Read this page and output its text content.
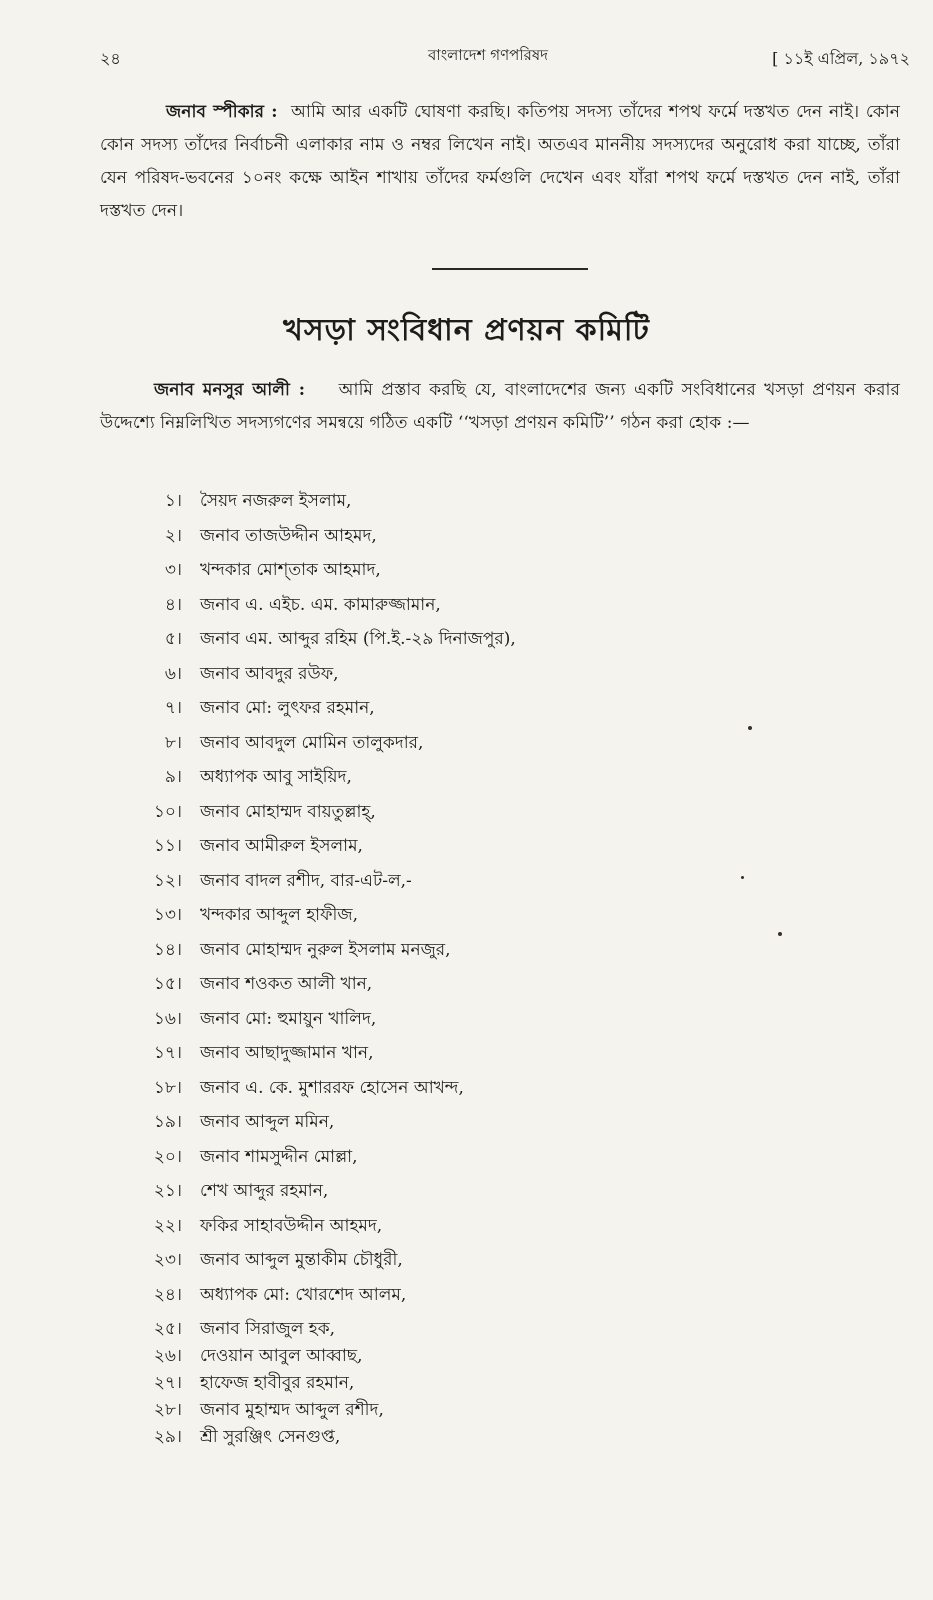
২৪	বাংলাদেশ গণপরিষদ	[ ১১ই এপ্রিল, ১৯৭২

জনাব স্পীকার : আমি আর একটি ঘোষণা করছি। কতিপয় সদস্য তাঁদের শপথ ফর্মে দস্তখত দেন নাই। কোন কোন সদস্য তাঁদের নির্বাচনী এলাকার নাম ও নম্বর লিখেন নাই। অতএব মাননীয় সদস্যদের অনুরোধ করা যাচ্ছে, তাঁরা যেন পরিষদ-ভবনের ১০নং কক্ষে আইন শাখায় তাঁদের ফর্মগুলি দেখেন এবং যাঁরা শপথ ফর্মে দস্তখত দেন নাই, তাঁরা দস্তখত দেন।

খসড়া সংবিধান প্রণয়ন কমিটি

জনাব মনসুর আলী : আমি প্রস্তাব করছি যে, বাংলাদেশের জন্য একটি সংবিধানের খসড়া প্রণয়ন করার উদ্দেশ্যে নিম্নলিখিত সদস্যগণের সমন্বয়ে গঠিত একটি ‘‘খসড়া প্রণয়ন কমিটি’’ গঠন করা হোক :—

১। সৈয়দ নজরুল ইসলাম,
২। জনাব তাজউদ্দীন আহমদ,
৩। খন্দকার মোশ্‌তাক আহমাদ,
৪। জনাব এ. এইচ. এম. কামারুজ্জামান,
৫। জনাব এম. আব্দুর রহিম (পি.ই.-২৯ দিনাজপুর),
৬। জনাব আবদুর রউফ,
৭। জনাব মো: লুৎফর রহমান,
৮। জনাব আবদুল মোমিন তালুকদার,
৯। অধ্যাপক আবু সাইয়িদ,
১০। জনাব মোহাম্মদ বায়তুল্লাহ্‌,
১১। জনাব আমীরুল ইসলাম,
১২। জনাব বাদল রশীদ, বার-এট-ল,-
১৩। খন্দকার আব্দুল হাফীজ,
১৪। জনাব মোহাম্মদ নুরুল ইসলাম মনজুর,
১৫। জনাব শওকত আলী খান,
১৬। জনাব মো: হুমায়ুন খালিদ,
১৭। জনাব আছাদুজ্জামান খান,
১৮। জনাব এ. কে. মুশাররফ হোসেন আখন্দ,
১৯। জনাব আব্দুল মমিন,
২০। জনাব শামসুদ্দীন মোল্লা,
২১। শেখ আব্দুর রহমান,
২২। ফকির সাহাবউদ্দীন আহমদ,
২৩। জনাব আব্দুল মুন্তাকীম চৌধুরী,
২৪। অধ্যাপক মো: খোরশেদ আলম,
২৫। জনাব সিরাজুল হক,
২৬। দেওয়ান আবুল আব্বাছ,
২৭। হাফেজ হাবীবুর রহমান,
২৮। জনাব মুহাম্মদ আব্দুল রশীদ,
২৯। শ্রী সুরঞ্জিৎ সেনগুপ্ত,
